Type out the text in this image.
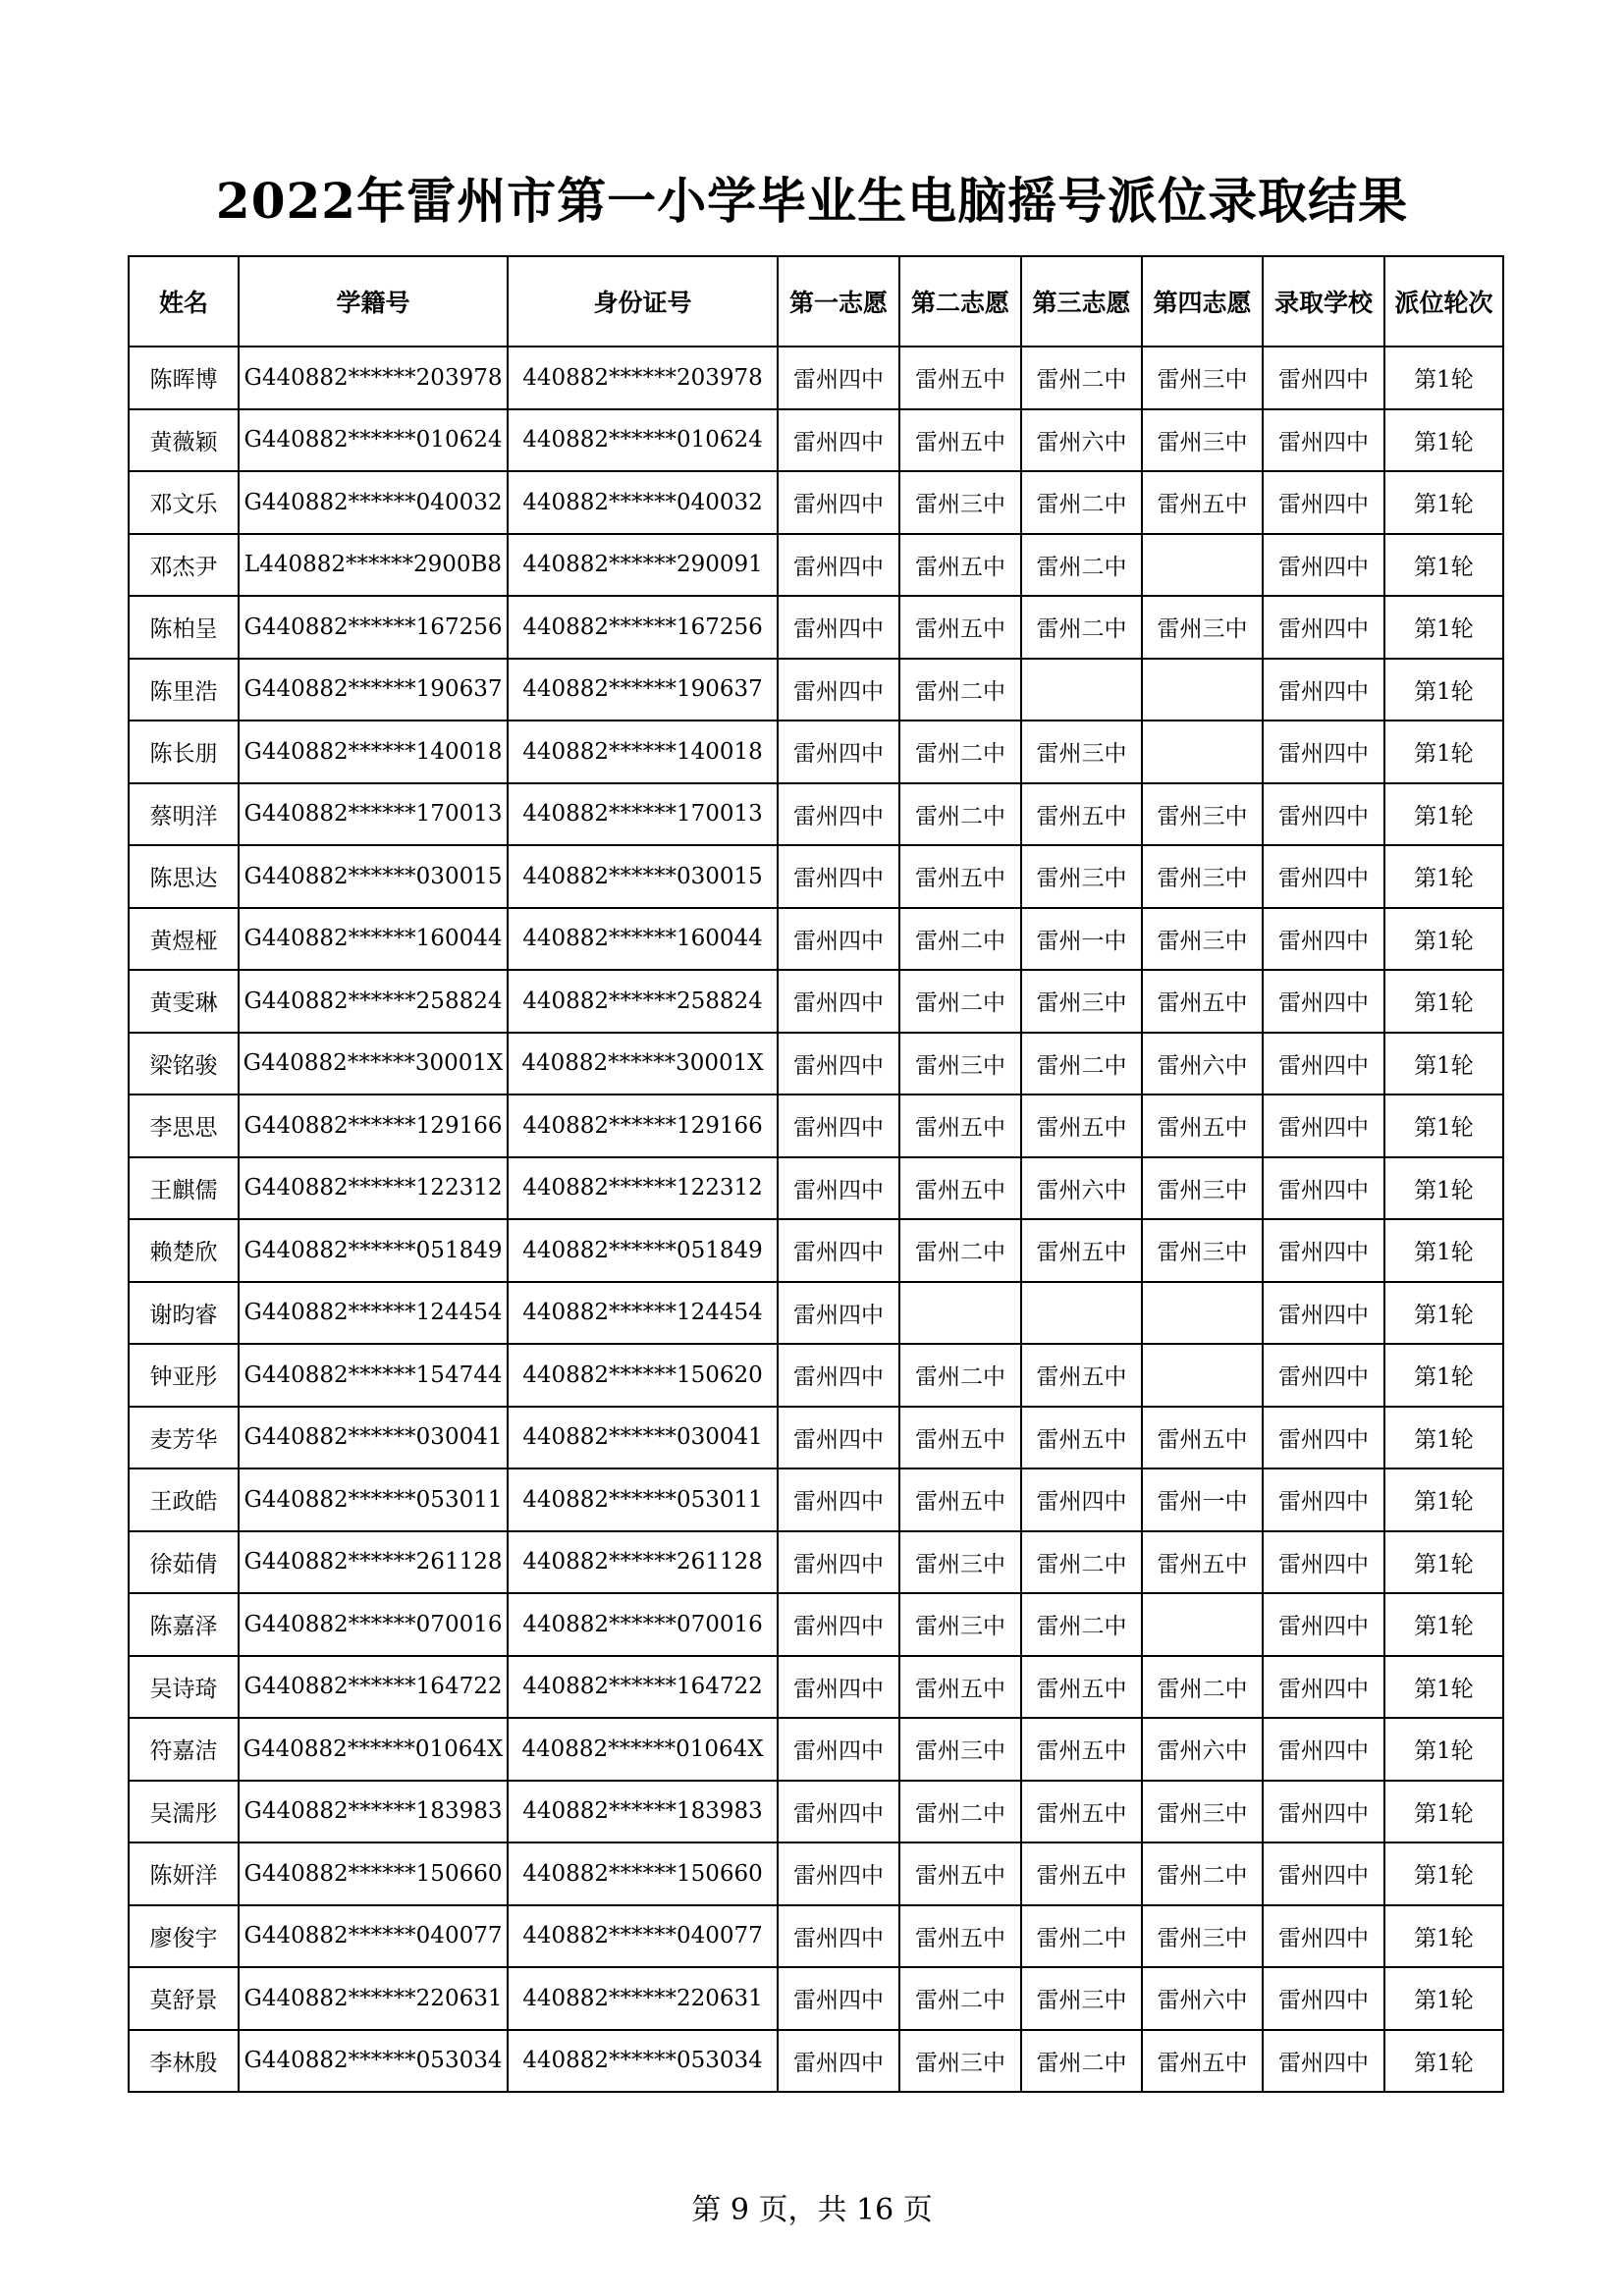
2022年雷州市第一小学毕业生电脑摇号派位录取结果
姓名	学籍号	身份证号	第一志愿	第二志愿	第三志愿	第四志愿	录取学校	派位轮次
陈晖博	G440882******203978	440882******203978	雷州四中	雷州五中	雷州二中	雷州三中	雷州四中	第1轮
黄薇颖	G440882******010624	440882******010624	雷州四中	雷州五中	雷州六中	雷州三中	雷州四中	第1轮
邓文乐	G440882******040032	440882******040032	雷州四中	雷州三中	雷州二中	雷州五中	雷州四中	第1轮
邓杰尹	L440882******2900B8	440882******290091	雷州四中	雷州五中	雷州二中		雷州四中	第1轮
陈柏呈	G440882******167256	440882******167256	雷州四中	雷州五中	雷州二中	雷州三中	雷州四中	第1轮
陈里浩	G440882******190637	440882******190637	雷州四中	雷州二中			雷州四中	第1轮
陈长朋	G440882******140018	440882******140018	雷州四中	雷州二中	雷州三中		雷州四中	第1轮
蔡明洋	G440882******170013	440882******170013	雷州四中	雷州二中	雷州五中	雷州三中	雷州四中	第1轮
陈思达	G440882******030015	440882******030015	雷州四中	雷州五中	雷州三中	雷州三中	雷州四中	第1轮
黄煜桠	G440882******160044	440882******160044	雷州四中	雷州二中	雷州一中	雷州三中	雷州四中	第1轮
黄雯琳	G440882******258824	440882******258824	雷州四中	雷州二中	雷州三中	雷州五中	雷州四中	第1轮
梁铭骏	G440882******30001X	440882******30001X	雷州四中	雷州三中	雷州二中	雷州六中	雷州四中	第1轮
李思思	G440882******129166	440882******129166	雷州四中	雷州五中	雷州五中	雷州五中	雷州四中	第1轮
王麒儒	G440882******122312	440882******122312	雷州四中	雷州五中	雷州六中	雷州三中	雷州四中	第1轮
赖楚欣	G440882******051849	440882******051849	雷州四中	雷州二中	雷州五中	雷州三中	雷州四中	第1轮
谢昀睿	G440882******124454	440882******124454	雷州四中				雷州四中	第1轮
钟亚彤	G440882******154744	440882******150620	雷州四中	雷州二中	雷州五中		雷州四中	第1轮
麦芳华	G440882******030041	440882******030041	雷州四中	雷州五中	雷州五中	雷州五中	雷州四中	第1轮
王政皓	G440882******053011	440882******053011	雷州四中	雷州五中	雷州四中	雷州一中	雷州四中	第1轮
徐茹倩	G440882******261128	440882******261128	雷州四中	雷州三中	雷州二中	雷州五中	雷州四中	第1轮
陈嘉泽	G440882******070016	440882******070016	雷州四中	雷州三中	雷州二中		雷州四中	第1轮
吴诗琦	G440882******164722	440882******164722	雷州四中	雷州五中	雷州五中	雷州二中	雷州四中	第1轮
符嘉洁	G440882******01064X	440882******01064X	雷州四中	雷州三中	雷州五中	雷州六中	雷州四中	第1轮
吴濡彤	G440882******183983	440882******183983	雷州四中	雷州二中	雷州五中	雷州三中	雷州四中	第1轮
陈妍洋	G440882******150660	440882******150660	雷州四中	雷州五中	雷州五中	雷州二中	雷州四中	第1轮
廖俊宇	G440882******040077	440882******040077	雷州四中	雷州五中	雷州二中	雷州三中	雷州四中	第1轮
莫舒景	G440882******220631	440882******220631	雷州四中	雷州二中	雷州三中	雷州六中	雷州四中	第1轮
李林殷	G440882******053034	440882******053034	雷州四中	雷州三中	雷州二中	雷州五中	雷州四中	第1轮
第 9 页，共 16 页
